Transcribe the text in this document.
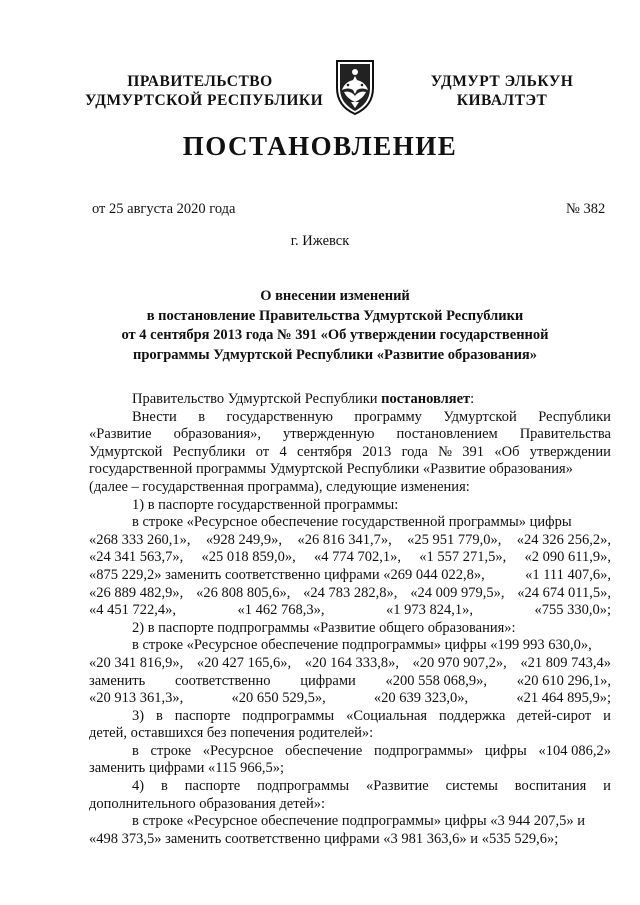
ПРАВИТЕЛЬСТВО
УДМУРТСКОЙ РЕСПУБЛИКИ
УДМУРТ ЭЛЬКУН
КИВАЛТЭТ
ПОСТАНОВЛЕНИЕ
от 25 августа 2020 года	№ 382
г. Ижевск
О внесении изменений
в постановление Правительства Удмуртской Республики
от 4 сентября 2013 года № 391 «Об утверждении государственной
программы Удмуртской Республики «Развитие образования»
Правительство Удмуртской Республики постановляет:
Внести в государственную программу Удмуртской Республики
«Развитие образования», утвержденную постановлением Правительства
Удмуртской Республики от 4 сентября 2013 года № 391 «Об утверждении
государственной программы Удмуртской Республики «Развитие образования»
(далее – государственная программа), следующие изменения:
1) в паспорте государственной программы:
в строке «Ресурсное обеспечение государственной программы» цифры
«268 333 260,1», «928 249,9», «26 816 341,7», «25 951 779,0», «24 326 256,2»,
«24 341 563,7», «25 018 859,0», «4 774 702,1», «1 557 271,5», «2 090 611,9»,
«875 229,2» заменить соответственно цифрами «269 044 022,8»,	«1 111 407,6»,
«26 889 482,9», «26 808 805,6», «24 783 282,8», «24 009 979,5», «24 674 011,5»,
«4 451 722,4»,	«1 462 768,3»,	«1 973 824,1»,	«755 330,0»;
2) в паспорте подпрограммы «Развитие общего образования»:
в строке «Ресурсное обеспечение подпрограммы» цифры «199 993 630,0»,
«20 341 816,9», «20 427 165,6», «20 164 333,8», «20 970 907,2», «21 809 743,4»
заменить соответственно цифрами «200 558 068,9», «20 610 296,1»,
«20 913 361,3»,	«20 650 529,5»,	«20 639 323,0»,	«21 464 895,9»;
3) в паспорте подпрограммы «Социальная поддержка детей-сирот и
детей, оставшихся без попечения родителей»:
в строке «Ресурсное обеспечение подпрограммы» цифры «104 086,2»
заменить цифрами «115 966,5»;
4) в паспорте подпрограммы «Развитие системы воспитания и
дополнительного образования детей»:
в строке «Ресурсное обеспечение подпрограммы» цифры «3 944 207,5» и
«498 373,5» заменить соответственно цифрами «3 981 363,6» и «535 529,6»;
